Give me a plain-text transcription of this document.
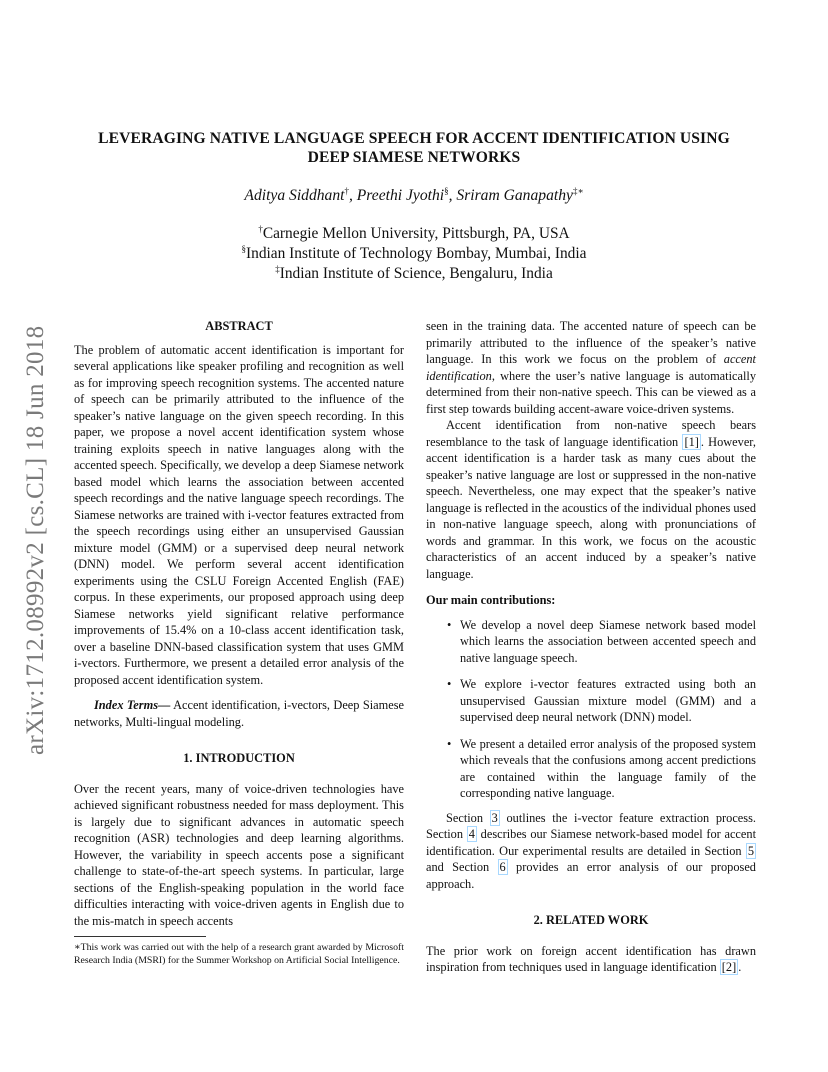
arXiv:1712.08992v2 [cs.CL] 18 Jun 2018
LEVERAGING NATIVE LANGUAGE SPEECH FOR ACCENT IDENTIFICATION USING
DEEP SIAMESE NETWORKS
Aditya Siddhant†, Preethi Jyothi§, Sriram Ganapathy‡∗
†Carnegie Mellon University, Pittsburgh, PA, USA
§Indian Institute of Technology Bombay, Mumbai, India
‡Indian Institute of Science, Bengaluru, India

ABSTRACT

The problem of automatic accent identification is important for several applications like speaker profiling and recognition as well as for improving speech recognition systems. The accented nature of speech can be primarily attributed to the influence of the speaker’s native language on the given speech recording. In this paper, we propose a novel accent identification system whose training exploits speech in native languages along with the accented speech. Specifically, we develop a deep Siamese network based model which learns the association between accented speech recordings and the native language speech recordings. The Siamese networks are trained with i-vector features extracted from the speech recordings using either an unsupervised Gaussian mixture model (GMM) or a supervised deep neural network (DNN) model. We perform several accent identification experiments using the CSLU Foreign Accented English (FAE) corpus. In these experiments, our proposed approach using deep Siamese networks yield significant relative performance improvements of 15.4% on a 10-class accent identification task, over a baseline DNN-based classification system that uses GMM i-vectors. Furthermore, we present a detailed error analysis of the proposed accent identification system.

Index Terms— Accent identification, i-vectors, Deep Siamese networks, Multi-lingual modeling.

1. INTRODUCTION

Over the recent years, many of voice-driven technologies have achieved significant robustness needed for mass deployment. This is largely due to significant advances in automatic speech recognition (ASR) technologies and deep learning algorithms. However, the variability in speech accents pose a significant challenge to state-of-the-art speech systems. In particular, large sections of the English-speaking population in the world face difficulties interacting with voice-driven agents in English due to the mis-match in speech accents

∗This work was carried out with the help of a research grant awarded by Microsoft Research India (MSRI) for the Summer Workshop on Artificial Social Intelligence.

seen in the training data. The accented nature of speech can be primarily attributed to the influence of the speaker’s native language. In this work we focus on the problem of accent identification, where the user’s native language is automatically determined from their non-native speech. This can be viewed as a first step towards building accent-aware voice-driven systems.

Accent identification from non-native speech bears resemblance to the task of language identification [1] . However, accent identification is a harder task as many cues about the speaker’s native language are lost or suppressed in the non-native speech. Nevertheless, one may expect that the speaker’s native language is reflected in the acoustics of the individual phones used in non-native language speech, along with pronunciations of words and grammar. In this work, we focus on the acoustic characteristics of an accent induced by a speaker’s native language.

Our main contributions:

• We develop a novel deep Siamese network based model which learns the association between accented speech and native language speech.
• We explore i-vector features extracted using both an unsupervised Gaussian mixture model (GMM) and a supervised deep neural network (DNN) model.
• We present a detailed error analysis of the proposed system which reveals that the confusions among accent predictions are contained within the language family of the corresponding native language.

Section 3 outlines the i-vector feature extraction process. Section 4 describes our Siamese network-based model for accent identification. Our experimental results are detailed in Section 5 and Section 6 provides an error analysis of our proposed approach.

2. RELATED WORK

The prior work on foreign accent identification has drawn inspiration from techniques used in language identification [2] .
